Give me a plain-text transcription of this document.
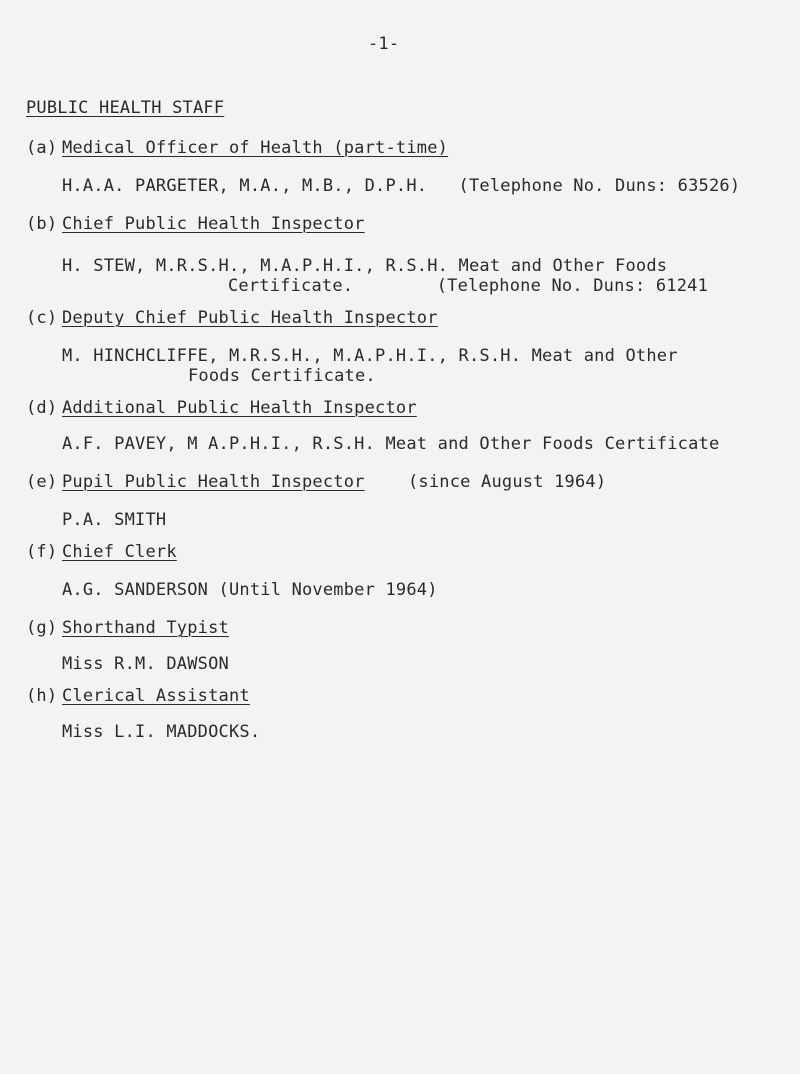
-1-
PUBLIC HEALTH STAFF
(a) Medical Officer of Health (part-time)
H.A.A. PARGETER, M.A., M.B., D.P.H.   (Telephone No. Duns: 63526)
(b) Chief Public Health Inspector
H. STEW, M.R.S.H., M.A.P.H.I., R.S.H. Meat and Other Foods
Certificate.        (Telephone No. Duns: 61241
(c) Deputy Chief Public Health Inspector
M. HINCHCLIFFE, M.R.S.H., M.A.P.H.I., R.S.H. Meat and Other
Foods Certificate.
(d) Additional Public Health Inspector
A.F. PAVEY, M A.P.H.I., R.S.H. Meat and Other Foods Certificate
(e) Pupil Public Health Inspector	(since August 1964)
P.A. SMITH
(f) Chief Clerk
A.G. SANDERSON (Until November 1964)
(g) Shorthand Typist
Miss R.M. DAWSON
(h) Clerical Assistant
Miss L.I. MADDOCKS.
